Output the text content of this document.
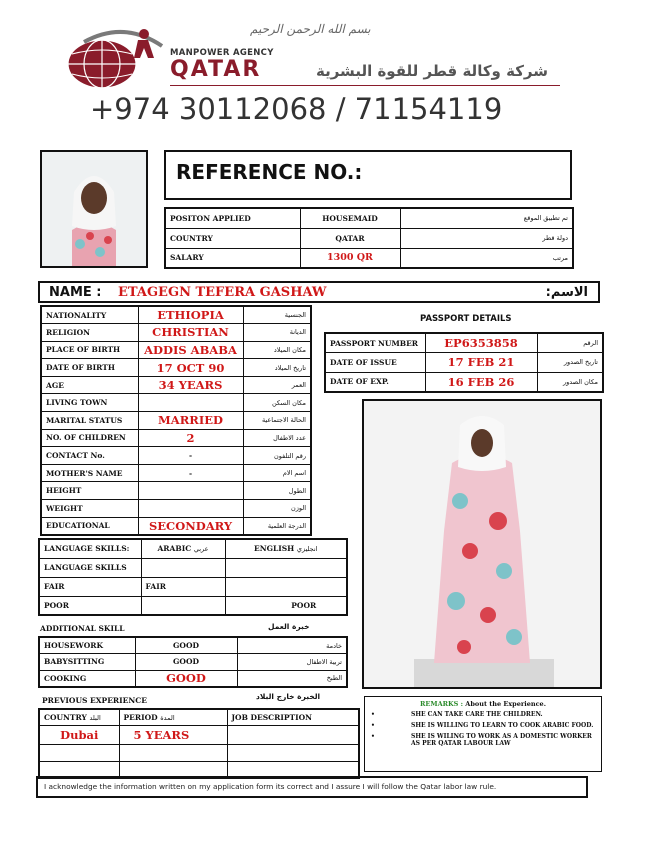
بسم الله الرحمن الرحيم
MANPOWER AGENCY
QATAR	شركة وكالة قطر للقوة البشرية
+974 30112068 / 71154119
REFERENCE NO.:
POSITON APPLIED	HOUSEMAID	تم تطبيق الموقع
COUNTRY	QATAR	دولة قطر
SALARY	1300 QR	مرتب
NAME : ETAGEGN TEFERA GASHAW	الاسم:
NATIONALITY	ETHIOPIA	الجنسية
RELIGION	CHRISTIAN	الديانة
PLACE OF BIRTH	ADDIS ABABA	مكان الميلاد
DATE OF BIRTH	17 OCT 90	تاريخ الميلاد
AGE	34 YEARS	العمر
LIVING TOWN		مكان السكن
MARITAL STATUS	MARRIED	الحالة الاجتماعية
NO. OF CHILDREN	2	عدد الاطفال
CONTACT No.	-	رقم التلفون
MOTHER'S NAME	-	اسم الام
HEIGHT		الطول
WEIGHT		الوزن
EDUCATIONAL	SECONDARY	الدرجة العلمية
PASSPORT DETAILS
PASSPORT NUMBER	EP6353858	الرقم
DATE OF ISSUE	17 FEB 21	تاريخ الصدور
DATE OF EXP.	16 FEB 26	مكان الصدور
LANGUAGE SKILLS:	ARABIC عربي	ENGLISH انجليزي
LANGUAGE SKILLS		
FAIR	FAIR	
POOR		POOR
ADDITIONAL SKILL	خبرة العمل
HOUSEWORK	GOOD	خادمة
BABYSITTING	GOOD	تربية الاطفال
COOKING	GOOD	الطبخ
PREVIOUS EXPERIENCE	الخبرة خارج البلاد
COUNTRY البلد	PERIOD المدة	JOB DESCRIPTION
Dubai	5 YEARS	

REMARKS : About the Experience.
•	SHE CAN TAKE CARE THE CHILDREN.
•	SHE IS WILLING TO LEARN TO COOK ARABIC FOOD.
•	SHE IS WILING TO WORK AS A DOMESTIC WORKER AS PER QATAR LABOUR LAW
I acknowledge the information written on my application form its correct and I assure I will follow the Qatar labor law rule.
